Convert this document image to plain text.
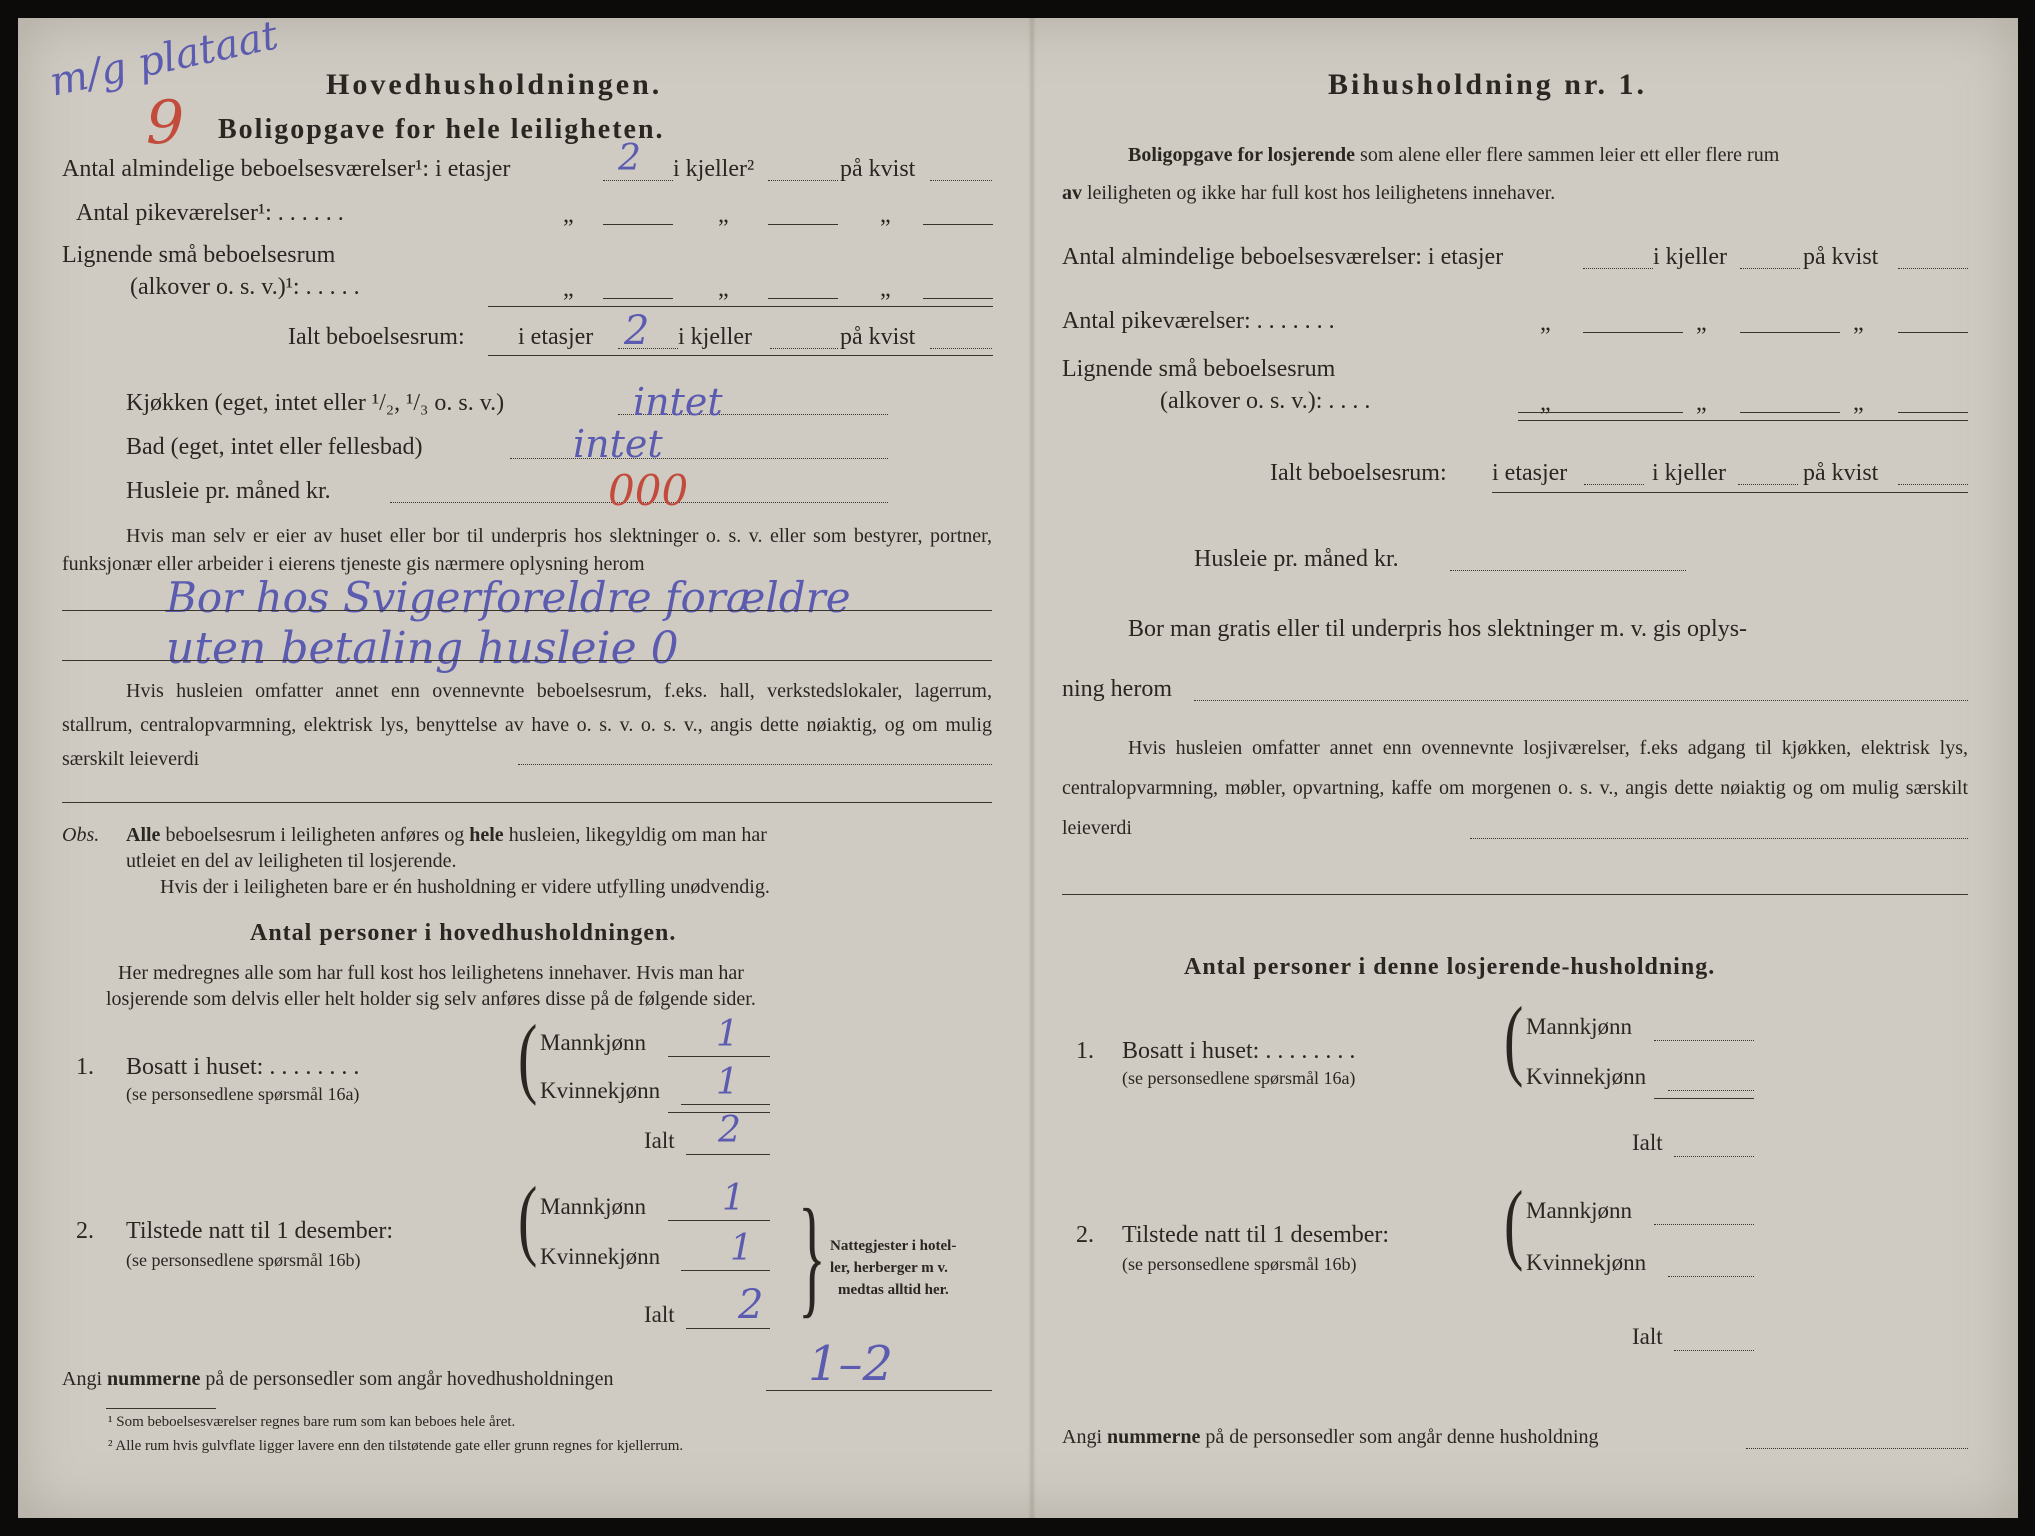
m/g plataat
9
Hovedhusholdningen.
Boligopgave for hele leiligheten.
Antal almindelige beboelsesværelser¹: i etasjer	2 i kjeller²	på kvist
Antal pikeværelser¹: . . . . . .	„	„	„
Lignende små beboelsesrum
(alkover o. s. v.)¹: . . . . .	„	„	„
Ialt beboelsesrum: i etasjer 2 i kjeller	på kvist
Kjøkken (eget, intet eller ¹/₂, ¹/₃ o. s. v.)	intet
Bad (eget, intet eller fellesbad)	intet
Husleie pr. måned kr.	000
Hvis man selv er eier av huset eller bor til underpris hos slektninger o. s. v. eller som bestyrer, portner, funksjonær eller arbeider i eierens tjeneste gis nærmere oplysning herom
Bor hos Svigerforeldre forældre
uten betaling husleie 0
Hvis husleien omfatter annet enn ovennevnte beboelsesrum, f.eks. hall, verkstedslokaler, lagerrum, stallrum, centralopvarmning, elektrisk lys, benyttelse av have o. s. v. o. s. v., angis dette nøiaktig, og om mulig særskilt leieverdi
Obs. Alle beboelsesrum i leiligheten anføres og hele husleien, likegyldig om man har
utleiet en del av leiligheten til losjerende.
Hvis der i leiligheten bare er én husholdning er videre utfylling unødvendig.
Antal personer i hovedhusholdningen.
Her medregnes alle som har full kost hos leilighetens innehaver. Hvis man har
losjerende som delvis eller helt holder sig selv anføres disse på de følgende sider.
1. Bosatt i huset: . . . . . . . .
(se personsedlene spørsmål 16a)	( Mannkjønn 1
Kvinnekjønn 1
Ialt 2
2. Tilstede natt til 1 desember:
(se personsedlene spørsmål 16b)	( Mannkjønn 1
Kvinnekjønn 1
Ialt 2 } Nattegjester i hotel-
ler, herberger m v.
medtas alltid her.
Angi nummerne på de personsedler som angår hovedhusholdningen	1–2
¹ Som beboelsesværelser regnes bare rum som kan beboes hele året.
² Alle rum hvis gulvflate ligger lavere enn den tilstøtende gate eller grunn regnes for kjellerrum.
Bihusholdning nr. 1.
Boligopgave for losjerende som alene eller flere sammen leier ett eller flere rum
av leiligheten og ikke har full kost hos leilighetens innehaver.
Antal almindelige beboelsesværelser: i etasjer	i kjeller	på kvist
Antal pikeværelser: . . . . . . .	„	„	„
Lignende små beboelsesrum
(alkover o. s. v.): . . . .	„	„	„
Ialt beboelsesrum: i etasjer	i kjeller	på kvist
Husleie pr. måned kr.
Bor man gratis eller til underpris hos slektninger m. v. gis oplys-
ning herom
Hvis husleien omfatter annet enn ovennevnte losjiværelser, f.eks adgang til kjøkken, elektrisk lys, centralopvarmning, møbler, opvartning, kaffe om morgenen o. s. v., angis dette nøiaktig og om mulig særskilt leieverdi
Antal personer i denne losjerende-husholdning.
1. Bosatt i huset: . . . . . . . .
(se personsedlene spørsmål 16a)	( Mannkjønn
Kvinnekjønn
Ialt
2. Tilstede natt til 1 desember:
(se personsedlene spørsmål 16b)	( Mannkjønn
Kvinnekjønn
Ialt
Angi nummerne på de personsedler som angår denne husholdning
